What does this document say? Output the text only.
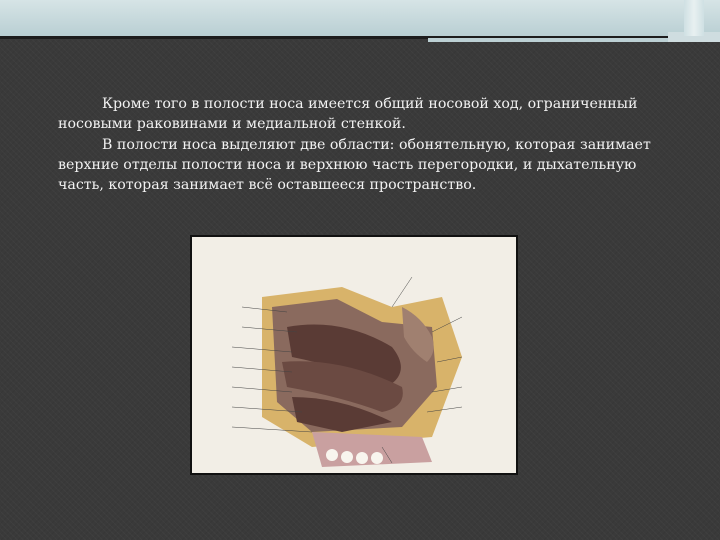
Кроме того в полости носа имеется общий носовой ход, ограниченный носовыми раковинами и медиальной стенкой.

В полости носа выделяют две области: обонятельную, которая занимает верхние отделы полости носа и верхнюю часть перегородки, и дыхательную часть, которая занимает всё оставшееся пространство.
